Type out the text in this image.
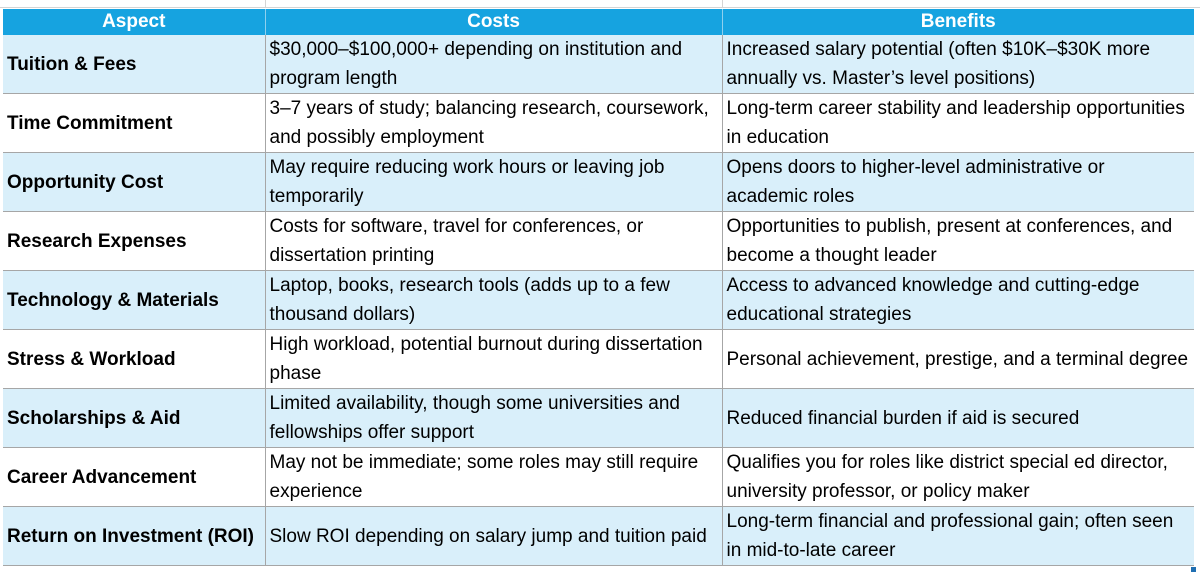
Aspect	Costs	Benefits
Tuition & Fees	$30,000–$100,000+ depending on institution and program length	Increased salary potential (often $10K–$30K more annually vs. Master’s level positions)
Time Commitment	3–7 years of study; balancing research, coursework, and possibly employment	Long-term career stability and leadership opportunities in education
Opportunity Cost	May require reducing work hours or leaving job temporarily	Opens doors to higher-level administrative or academic roles
Research Expenses	Costs for software, travel for conferences, or dissertation printing	Opportunities to publish, present at conferences, and become a thought leader
Technology & Materials	Laptop, books, research tools (adds up to a few thousand dollars)	Access to advanced knowledge and cutting-edge educational strategies
Stress & Workload	High workload, potential burnout during dissertation phase	Personal achievement, prestige, and a terminal degree
Scholarships & Aid	Limited availability, though some universities and fellowships offer support	Reduced financial burden if aid is secured
Career Advancement	May not be immediate; some roles may still require experience	Qualifies you for roles like district special ed director, university professor, or policy maker
Return on Investment (ROI)	Slow ROI depending on salary jump and tuition paid	Long-term financial and professional gain; often seen in mid-to-late career
